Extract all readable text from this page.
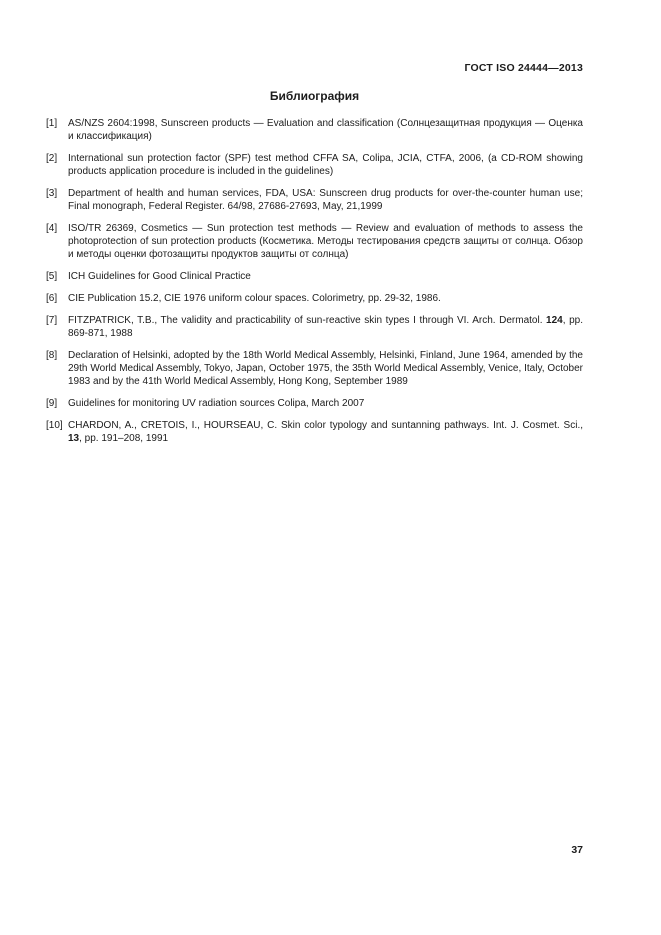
ГОСТ ISO 24444—2013
Библиография
[1]	AS/NZS 2604:1998, Sunscreen products — Evaluation and classification (Солнцезащитная продукция — Оценка и классификация)
[2]	International sun protection factor (SPF) test method CFFA SA, Colipa, JCIA, CTFA, 2006, (a CD-ROM showing products application procedure is included in the guidelines)
[3]	Department of health and human services, FDA, USA: Sunscreen drug products for over-the-counter human use; Final monograph, Federal Register. 64/98, 27686-27693, May, 21,1999
[4]	ISO/TR 26369, Cosmetics — Sun protection test methods — Review and evaluation of methods to assess the photoprotection of sun protection products (Косметика. Методы тестирования средств защиты от солнца. Обзор и методы оценки фотозащиты продуктов защиты от солнца)
[5]	ICH Guidelines for Good Clinical Practice
[6]	CIE Publication 15.2, CIE 1976 uniform colour spaces. Colorimetry, pp. 29-32, 1986.
[7]	FITZPATRICK, T.B., The validity and practicability of sun-reactive skin types I through VI. Arch. Dermatol. 124, pp. 869-871, 1988
[8]	Declaration of Helsinki, adopted by the 18th World Medical Assembly, Helsinki, Finland, June 1964, amended by the 29th World Medical Assembly, Tokyo, Japan, October 1975, the 35th World Medical Assembly, Venice, Italy, October 1983 and by the 41th World Medical Assembly, Hong Kong, September 1989
[9]	Guidelines for monitoring UV radiation sources Colipa, March 2007
[10] CHARDON, A., CRETOIS, I., HOURSEAU, C. Skin color typology and suntanning pathways. Int. J. Cosmet. Sci., 13, pp. 191–208, 1991
37
